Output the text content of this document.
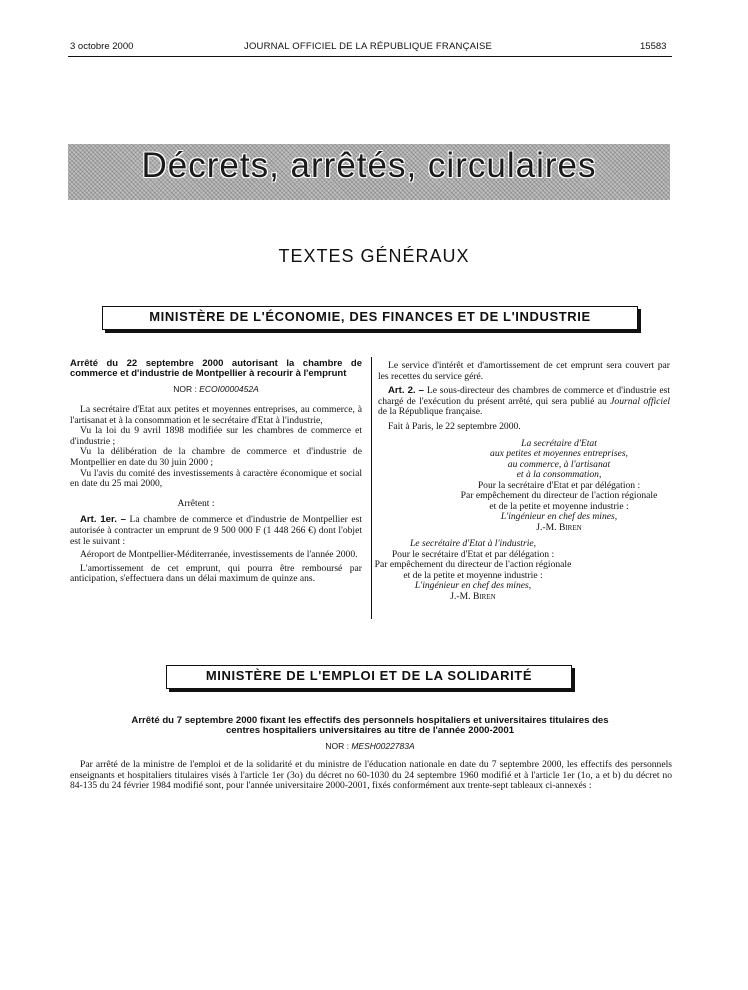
3 octobre 2000	JOURNAL OFFICIEL DE LA RÉPUBLIQUE FRANÇAISE	15583
Décrets, arrêtés, circulaires
TEXTES GÉNÉRAUX
MINISTÈRE DE L'ÉCONOMIE, DES FINANCES ET DE L'INDUSTRIE
Arrêté du 22 septembre 2000 autorisant la chambre de commerce et d'industrie de Montpellier à recourir à l'emprunt
NOR : ECOI0000452A

La secrétaire d'Etat aux petites et moyennes entreprises, au commerce, à l'artisanat et à la consommation et le secrétaire d'Etat à l'industrie,

Vu la loi du 9 avril 1898 modifiée sur les chambres de commerce et d'industrie ;

Vu la délibération de la chambre de commerce et d'industrie de Montpellier en date du 30 juin 2000 ;

Vu l'avis du comité des investissements à caractère économique et social en date du 25 mai 2000,

Arrêtent :

Art. 1er. – La chambre de commerce et d'industrie de Montpellier est autorisée à contracter un emprunt de 9 500 000 F (1 448 266 €) dont l'objet est le suivant :

Aéroport de Montpellier-Méditerranée, investissements de l'année 2000.

L'amortissement de cet emprunt, qui pourra être remboursé par anticipation, s'effectuera dans un délai maximum de quinze ans.

Le service d'intérêt et d'amortissement de cet emprunt sera couvert par les recettes du service géré.

Art. 2. – Le sous-directeur des chambres de commerce et d'industrie est chargé de l'exécution du présent arrêté, qui sera publié au Journal officiel de la République française.

Fait à Paris, le 22 septembre 2000.

La secrétaire d'Etat
aux petites et moyennes entreprises,
au commerce, à l'artisanat
et à la consommation,
Pour la secrétaire d'Etat et par délégation :
Par empêchement du directeur de l'action régionale
et de la petite et moyenne industrie :
L'ingénieur en chef des mines,
J.-M. Biren
Le secrétaire d'Etat à l'industrie,
Pour le secrétaire d'Etat et par délégation :
Par empêchement du directeur de l'action régionale
et de la petite et moyenne industrie :
L'ingénieur en chef des mines,
J.-M. Biren
MINISTÈRE DE L'EMPLOI ET DE LA SOLIDARITÉ
Arrêté du 7 septembre 2000 fixant les effectifs des personnels hospitaliers et universitaires titulaires des centres hospitaliers universitaires au titre de l'année 2000-2001
NOR : MESH0022783A

Par arrêté de la ministre de l'emploi et de la solidarité et du ministre de l'éducation nationale en date du 7 septembre 2000, les effectifs des personnels enseignants et hospitaliers titulaires visés à l'article 1er (3o) du décret no 60-1030 du 24 septembre 1960 modifié et à l'article 1er (1o, a et b) du décret no 84-135 du 24 février 1984 modifié sont, pour l'année universitaire 2000-2001, fixés conformément aux trente-sept tableaux ci-annexés :
